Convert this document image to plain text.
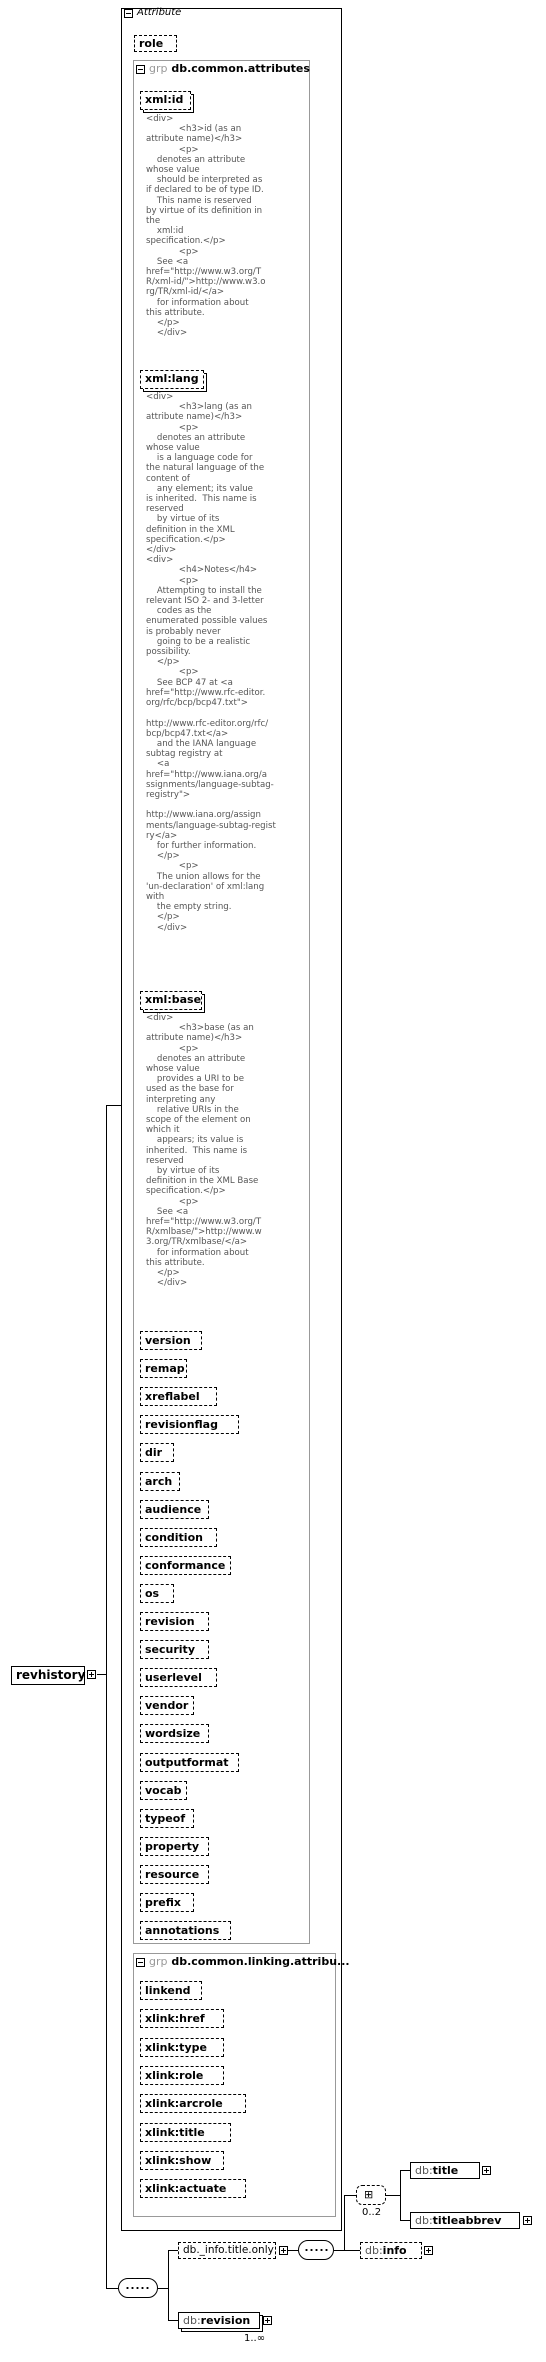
Attribute
role
grp db.common.attributes
xml:id
<div>
<h3>id (as an
attribute name)</h3>
<p>
denotes an attribute
whose value
should be interpreted as
if declared to be of type ID.
This name is reserved
by virtue of its definition in
the
xml:id
specification.</p>
<p>
See <a
href="http://www.w3.org/T
R/xml-id/">http://www.w3.o
rg/TR/xml-id/</a>
for information about
this attribute.
</p>
</div>
xml:lang
<div>
<h3>lang (as an
attribute name)</h3>
<p>
denotes an attribute
whose value
is a language code for
the natural language of the
content of
any element; its value
is inherited.  This name is
reserved
by virtue of its
definition in the XML
specification.</p>
</div>
<div>
<h4>Notes</h4>
<p>
Attempting to install the
relevant ISO 2- and 3-letter
codes as the
enumerated possible values
is probably never
going to be a realistic
possibility.
</p>
<p>
See BCP 47 at <a
href="http://www.rfc-editor.
org/rfc/bcp/bcp47.txt">

http://www.rfc-editor.org/rfc/
bcp/bcp47.txt</a>
and the IANA language
subtag registry at
<a
href="http://www.iana.org/a
ssignments/language-subtag-
registry">

http://www.iana.org/assign
ments/language-subtag-regist
ry</a>
for further information.
</p>
<p>
The union allows for the
'un-declaration' of xml:lang
with
the empty string.
</p>
</div>
xml:base
<div>
<h3>base (as an
attribute name)</h3>
<p>
denotes an attribute
whose value
provides a URI to be
used as the base for
interpreting any
relative URIs in the
scope of the element on
which it
appears; its value is
inherited.  This name is
reserved
by virtue of its
definition in the XML Base
specification.</p>
<p>
See <a
href="http://www.w3.org/T
R/xmlbase/">http://www.w
3.org/TR/xmlbase/</a>
for information about
this attribute.
</p>
</div>
grp db.common.linking.attribu...
revhistory
db._info.title.only
⊞
0..2
db:title
db:titleabbrev
db:info
db:revision
1..∞
version
remap
xreflabel
revisionflag
dir
arch
audience
condition
conformance
os
revision
security
userlevel
vendor
wordsize
outputformat
vocab
typeof
property
resource
prefix
annotations
linkend
xlink:href
xlink:type
xlink:role
xlink:arcrole
xlink:title
xlink:show
xlink:actuate
